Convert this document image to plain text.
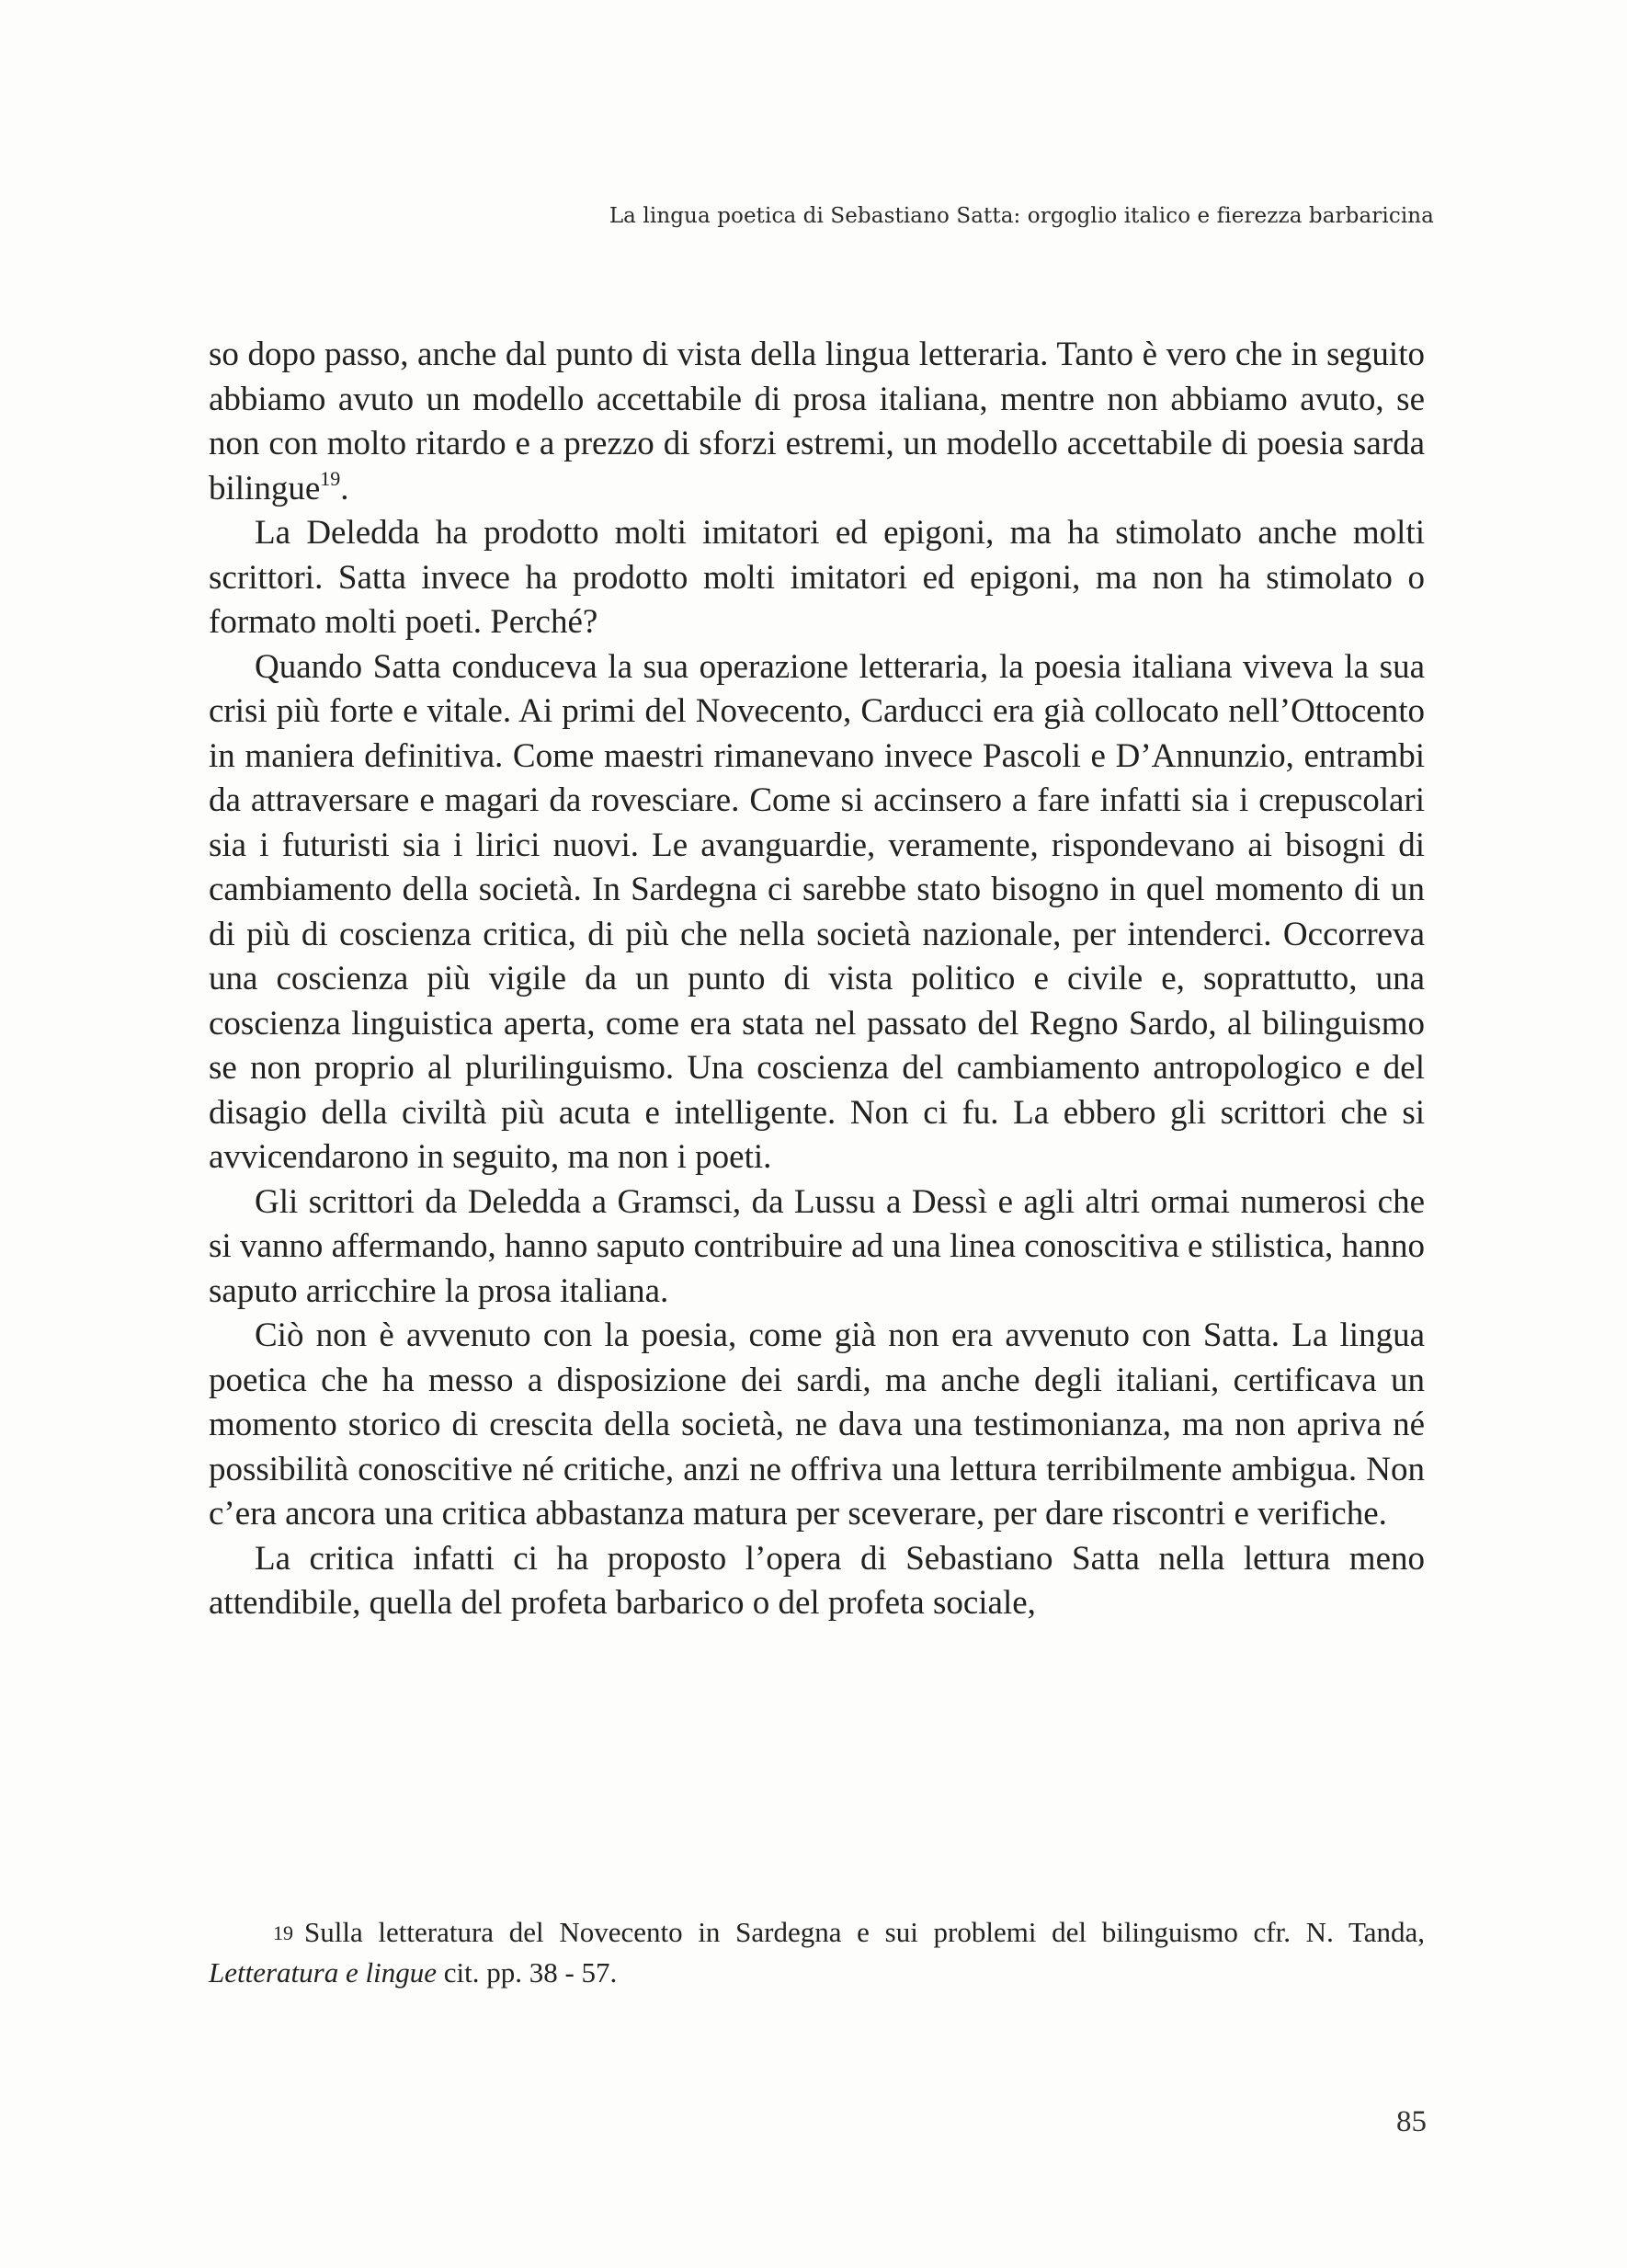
La lingua poetica di Sebastiano Satta: orgoglio italico e fierezza barbaricina

so dopo passo, anche dal punto di vista della lingua letteraria. Tanto è vero che in seguito abbiamo avuto un modello accettabile di prosa italiana, mentre non abbiamo avuto, se non con molto ritardo e a prezzo di sforzi estremi, un modello accettabile di poesia sarda bilingue$^{19}$.

La Deledda ha prodotto molti imitatori ed epigoni, ma ha stimolato anche molti scrittori. Satta invece ha prodotto molti imitatori ed epigoni, ma non ha stimolato o formato molti poeti. Perché?

Quando Satta conduceva la sua operazione letteraria, la poesia italiana viveva la sua crisi più forte e vitale. Ai primi del Novecento, Carducci era già collocato nell’Ottocento in maniera definitiva. Come maestri rimanevano invece Pascoli e D’Annunzio, entrambi da attraversare e magari da rovesciare. Come si accinsero a fare infatti sia i crepuscolari sia i futuristi sia i lirici nuovi. Le avanguardie, veramente, rispondevano ai bisogni di cambiamento della società. In Sardegna ci sarebbe stato bisogno in quel momento di un di più di coscienza critica, di più che nella società nazionale, per intenderci. Occorreva una coscienza più vigile da un punto di vista politico e civile e, soprattutto, una coscienza linguistica aperta, come era stata nel passato del Regno Sardo, al bilinguismo se non proprio al plurilinguismo. Una coscienza del cambiamento antropologico e del disagio della civiltà più acuta e intelligente. Non ci fu. La ebbero gli scrittori che si avvicendarono in seguito, ma non i poeti.

Gli scrittori da Deledda a Gramsci, da Lussu a Dessì e agli altri ormai numerosi che si vanno affermando, hanno saputo contribuire ad una linea conoscitiva e stilistica, hanno saputo arricchire la prosa italiana.

Ciò non è avvenuto con la poesia, come già non era avvenuto con Satta. La lingua poetica che ha messo a disposizione dei sardi, ma anche degli italiani, certificava un momento storico di crescita della società, ne dava una testimonianza, ma non apriva né possibilità conoscitive né critiche, anzi ne offriva una lettura terribilmente ambigua. Non c’era ancora una critica abbastanza matura per sceverare, per dare riscontri e verifiche.

La critica infatti ci ha proposto l’opera di Sebastiano Satta nella lettura meno attendibile, quella del profeta barbarico o del profeta sociale,

$^{19}$ Sulla letteratura del Novecento in Sardegna e sui problemi del bilinguismo cfr. N. Tanda, Letteratura e lingue cit. pp. 38 - 57.

85
